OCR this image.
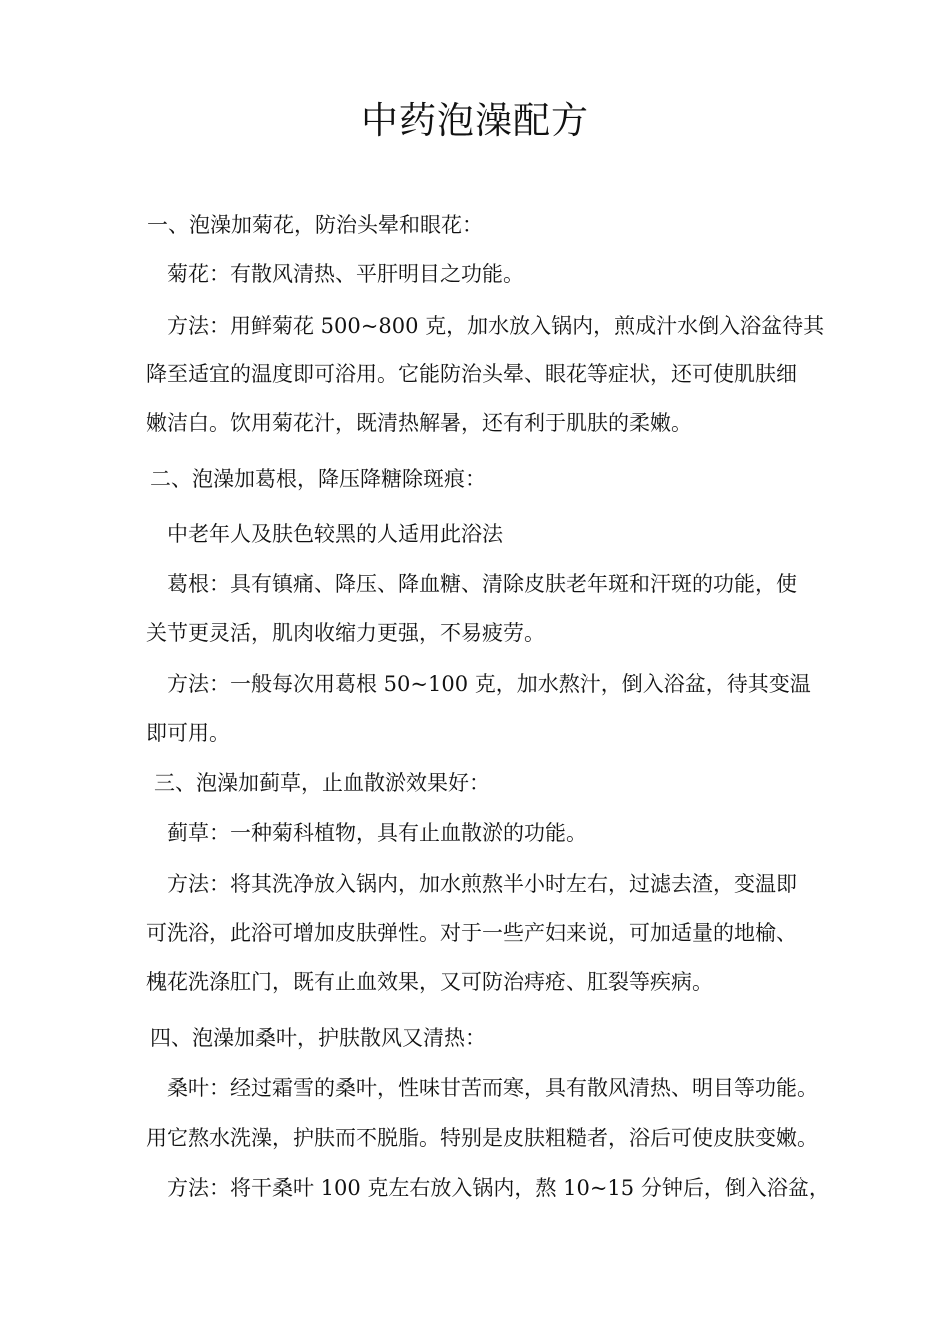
中药泡澡配方

一、泡澡加菊花，防治头晕和眼花：

菊花：有散风清热、平肝明目之功能。

方法：用鲜菊花 500~800 克，加水放入锅内，煎成汁水倒入浴盆待其

降至适宜的温度即可浴用。它能防治头晕、眼花等症状，还可使肌肤细

嫩洁白。饮用菊花汁，既清热解暑，还有利于肌肤的柔嫩。

二、泡澡加葛根，降压降糖除斑痕：

中老年人及肤色较黑的人适用此浴法

葛根：具有镇痛、降压、降血糖、清除皮肤老年斑和汗斑的功能，使

关节更灵活，肌肉收缩力更强，不易疲劳。

方法：一般每次用葛根 50~100 克，加水熬汁，倒入浴盆，待其变温

即可用。

三、泡澡加蓟草，止血散淤效果好：

蓟草：一种菊科植物，具有止血散淤的功能。

方法：将其洗净放入锅内，加水煎熬半小时左右，过滤去渣，变温即

可洗浴，此浴可增加皮肤弹性。对于一些产妇来说，可加适量的地榆、

槐花洗涤肛门，既有止血效果，又可防治痔疮、肛裂等疾病。

四、泡澡加桑叶，护肤散风又清热：

桑叶：经过霜雪的桑叶，性味甘苦而寒，具有散风清热、明目等功能。

用它熬水洗澡，护肤而不脱脂。特别是皮肤粗糙者，浴后可使皮肤变嫩。

方法：将干桑叶 100 克左右放入锅内，熬 10~15 分钟后，倒入浴盆，
